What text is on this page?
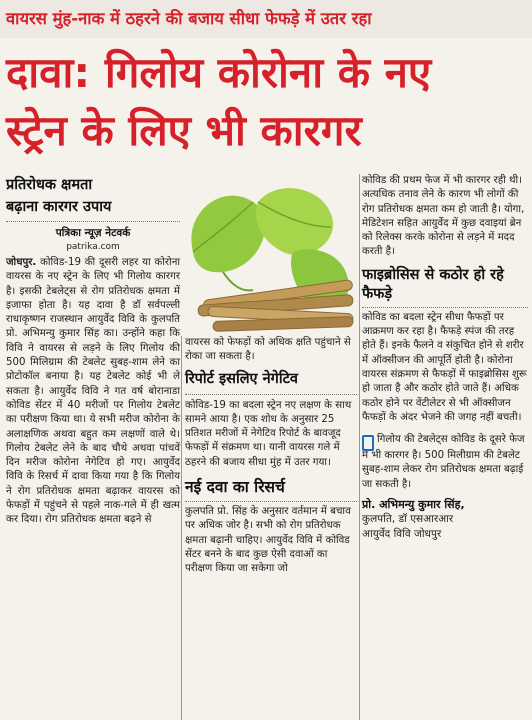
वायरस मुंह-नाक में ठहरने की बजाय सीधा फेफड़े में उतर रहा
दावा: गिलोय कोरोना के नए
स्ट्रेन के लिए भी कारगर
प्रतिरोधक क्षमता
बढ़ाना कारगर उपाय
पत्रिका न्यूज़ नेटवर्क
patrika.com

जोधपुर. कोविड-19 की दूसरी लहर या कोरोना वायरस के नए स्ट्रेन के लिए भी गिलोय कारगर है। इसकी टेबलेट्स से रोग प्रतिरोधक क्षमता में इजाफा होता है। यह दावा है डॉ सर्वपल्ली राधाकृष्णन राजस्थान आयुर्वेद विवि के कुलपति प्रो. अभिमन्यु कुमार सिंह का। उन्होंने कहा कि विवि ने वायरस से लड़ने के लिए गिलोय की 500 मिलिग्राम की टेबलेट सुबह-शाम लेने का प्रोटोकॉल बनाया है। यह टेबलेट कोई भी ले सकता है। आयुर्वेद विवि ने गत वर्ष बोरानाडा कोविड सेंटर में 40 मरीजों पर गिलोय टेबलेट का परीक्षण किया था। ये सभी मरीज कोरोना के अलाक्षणिक अथवा बहुत कम लक्षणों वाले थे। गिलोय टेबलेट लेने के बाद चौथे अथवा पांचवें दिन मरीज कोरोना नेगेटिव हो गए। आयुर्वेद विवि के रिसर्च में दावा किया गया है कि गिलोय ने रोग प्रतिरोधक क्षमता बढ़ाकर वायरस को फेफड़ों में पहुंचने से पहले नाक-गले में ही खत्म कर दिया। रोग प्रतिरोधक क्षमता बढ़ने से

वायरस को फेफड़ों को अधिक क्षति पहुंचाने से रोका जा सकता है।

रिपोर्ट इसलिए नेगेटिव

कोविड-19 का बदला स्ट्रेन नए लक्षण के साथ सामने आया है। एक शोध के अनुसार 25 प्रतिशत मरीजों में नेगेटिव रिपोर्ट के बावजूद फेफड़ों में संक्रमण था। यानी वायरस गले में ठहरने की बजाय सीधा मुंह में उतर गया।

नई दवा का रिसर्च

कुलपति प्रो. सिंह के अनुसार वर्तमान में बचाव पर अधिक जोर है। सभी को रोग प्रतिरोधक क्षमता बढ़ानी चाहिए। आयुर्वेद विवि में कोविड सेंटर बनने के बाद कुछ ऐसी दवाओं का परीक्षण किया जा सकेगा जो

कोविड की प्रथम फेज में भी कारगर रही थी। अत्यधिक तनाव लेने के कारण भी लोगों की रोग प्रतिरोधक क्षमता कम हो जाती है। योगा, मेडिटेशन सहित आयुर्वेद में कुछ दवाइयां ब्रेन को रिलेक्स करके कोरोना से लड़ने में मदद करती है।

फाइब्रोसिस से कठोर हो रहे फैफड़े

कोविड का बदला स्ट्रेन सीधा फैफड़ों पर आक्रमण कर रहा है। फैफड़े स्पंज की तरह होते हैं। इनके फैलने व संकुचित होने से शरीर में ऑक्सीजन की आपूर्ति होती है। कोरोना वायरस संक्रमण से फैफड़ों में फाइब्रोसिस शुरू हो जाता है और कठोर होते जाते हैं। अधिक कठोर होने पर वेंटीलेटर से भी ऑक्सीजन फैफड़ों के अंदर भेजने की जगह नहीं बचती।

गिलोय की टेबलेट्स कोविड के दूसरे फेज में भी कारगर है। 500 मिलीग्राम की टेबलेट सुबह-शाम लेकर रोग प्रतिरोधक क्षमता बढ़ाई जा सकती है।
प्रो. अभिमन्यु कुमार सिंह,
कुलपति, डॉ एसआरआर
आयुर्वेद विवि जोधपुर
